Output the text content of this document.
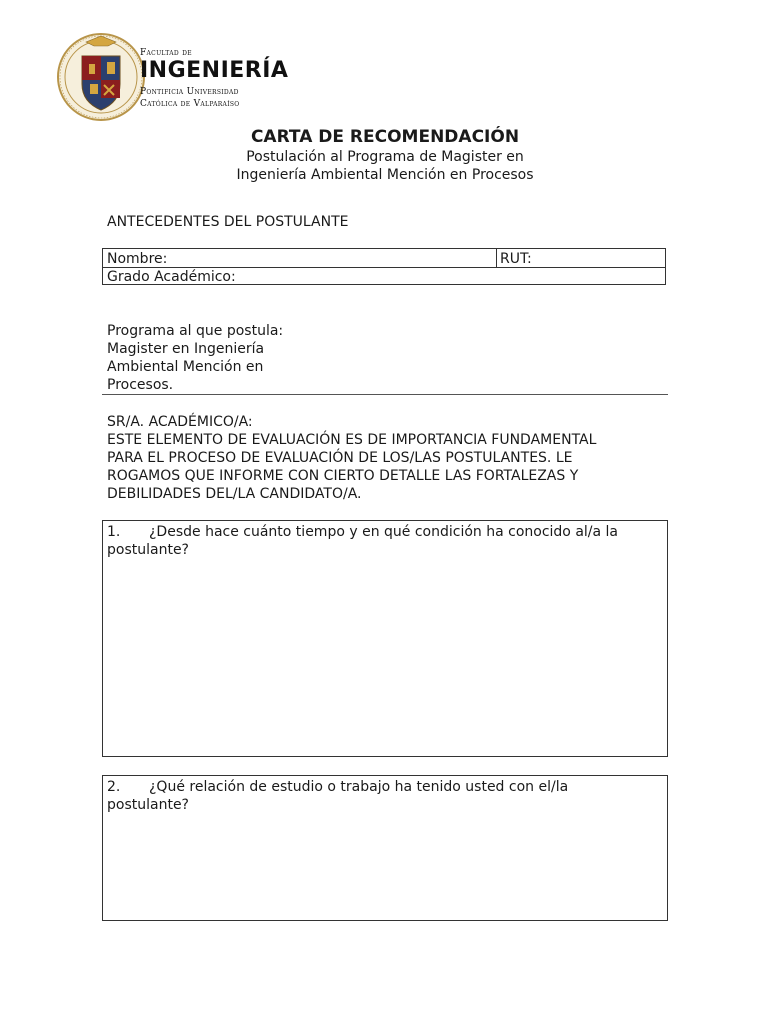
Facultad de
INGENIERÍA
Pontificia Universidad
Católica de Valparaíso
CARTA DE RECOMENDACIÓN
Postulación al Programa de Magister en
Ingeniería Ambiental Mención en Procesos
ANTECEDENTES DEL POSTULANTE
Nombre:	RUT:
Grado Académico:
Programa al que postula:
Magister en Ingeniería
Ambiental Mención en
Procesos.
SR/A. ACADÉMICO/A:
ESTE ELEMENTO DE EVALUACIÓN ES DE IMPORTANCIA FUNDAMENTAL
PARA EL PROCESO DE EVALUACIÓN DE LOS/LAS POSTULANTES. LE
ROGAMOS QUE INFORME CON CIERTO DETALLE LAS FORTALEZAS Y
DEBILIDADES DEL/LA CANDIDATO/A.
1. ¿Desde hace cuánto tiempo y en qué condición ha conocido al/a la
postulante?
2. ¿Qué relación de estudio o trabajo ha tenido usted con el/la
postulante?
